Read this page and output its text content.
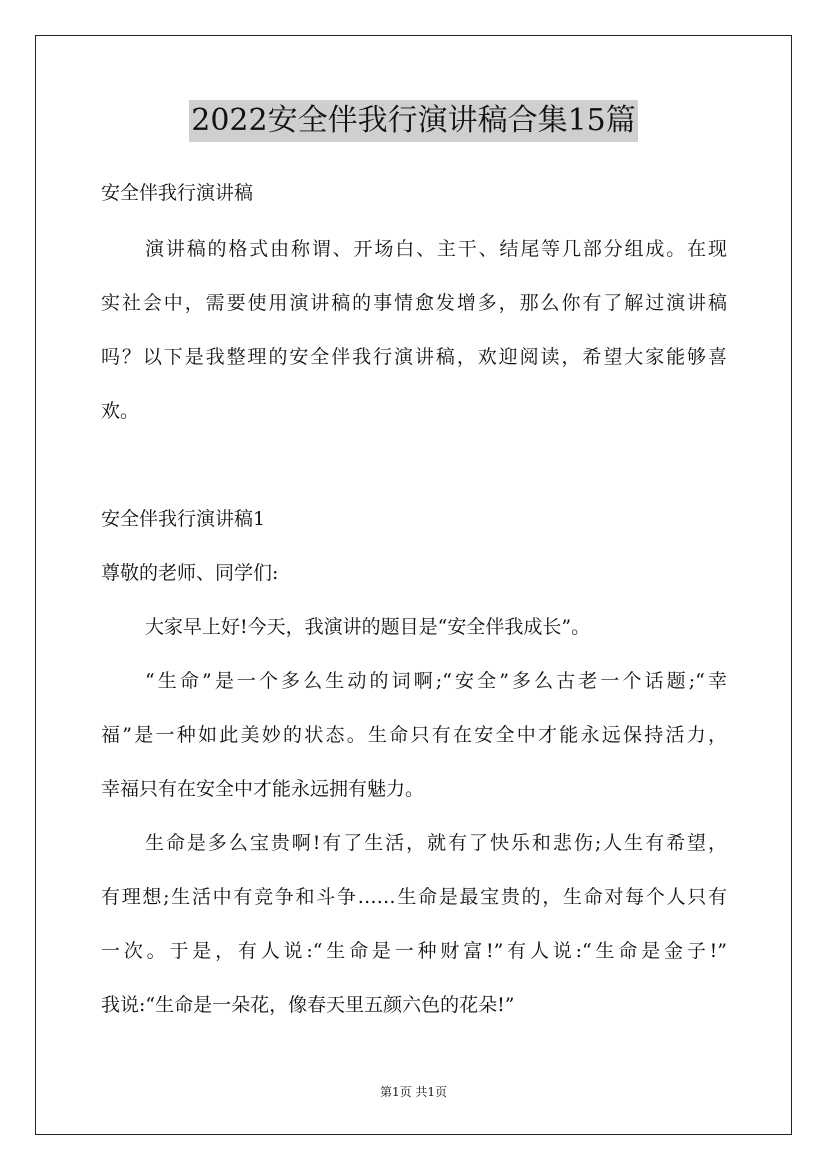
2022安全伴我行演讲稿合集15篇
安全伴我行演讲稿
演讲稿的格式由称谓、开场白、主干、结尾等几部分组成。在现
实社会中，需要使用演讲稿的事情愈发增多，那么你有了解过演讲稿
吗？以下是我整理的安全伴我行演讲稿，欢迎阅读，希望大家能够喜
欢。
安全伴我行演讲稿1
尊敬的老师、同学们:
大家早上好!今天，我演讲的题目是“安全伴我成长”。
“生命”是一个多么生动的词啊;“安全”多么古老一个话题;“幸
福”是一种如此美妙的状态。生命只有在安全中才能永远保持活力，
幸福只有在安全中才能永远拥有魅力。
生命是多么宝贵啊!有了生活，就有了快乐和悲伤;人生有希望，
有理想;生活中有竞争和斗争……生命是最宝贵的，生命对每个人只有
一次。于是，有人说:“生命是一种财富!”有人说:“生命是金子!”
我说:“生命是一朵花，像春天里五颜六色的花朵!”
第1页 共1页
